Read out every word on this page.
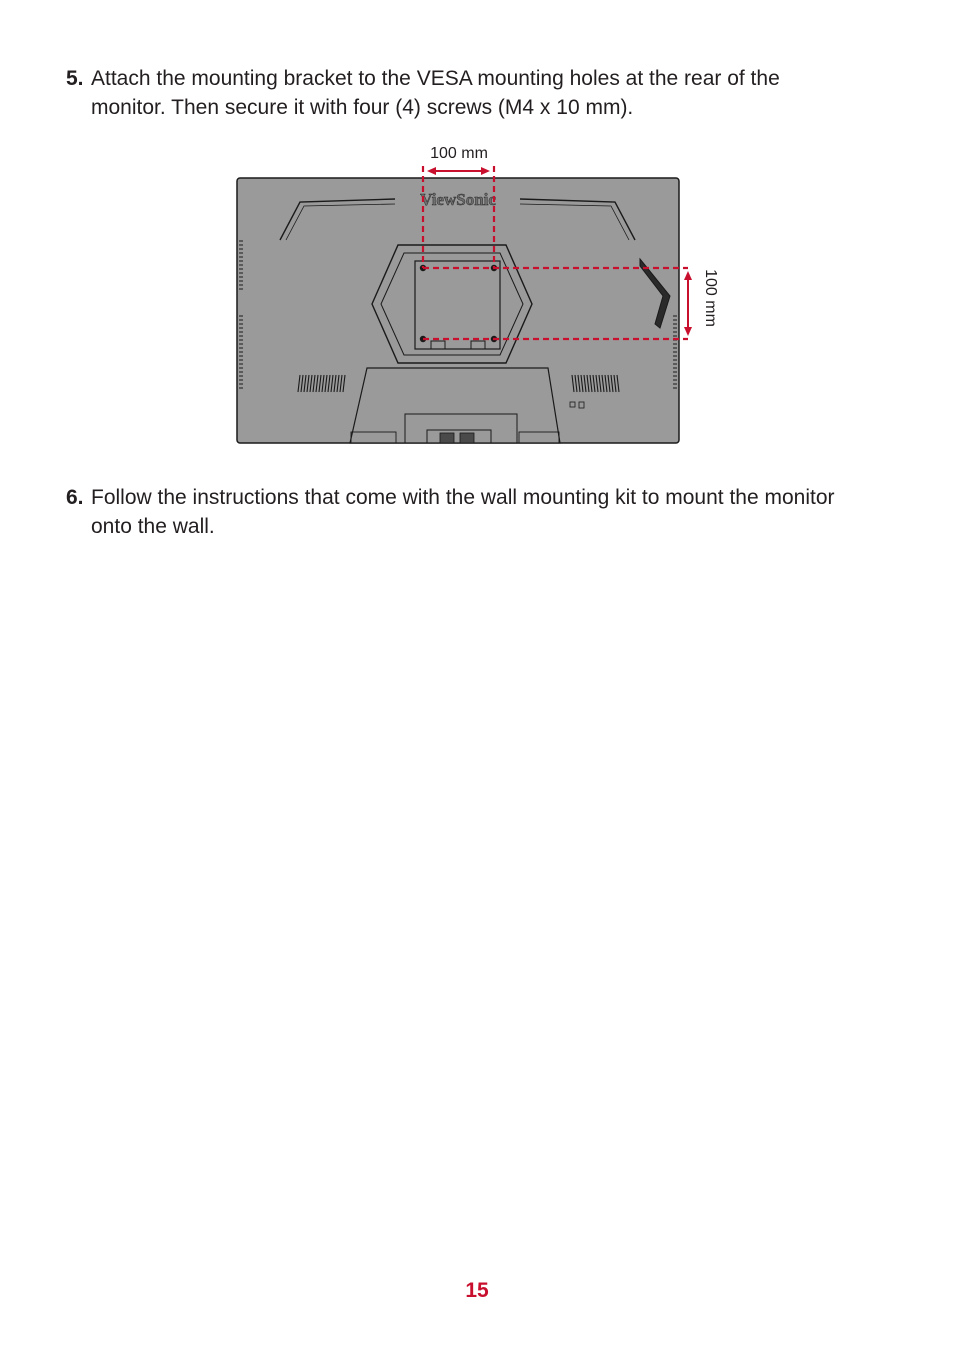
5. Attach the mounting bracket to the VESA mounting holes at the rear of the monitor. Then secure it with four (4) screws (M4 x 10 mm).
ViewSonic
100 mm
100 mm
6. Follow the instructions that come with the wall mounting kit to mount the monitor onto the wall.
15
